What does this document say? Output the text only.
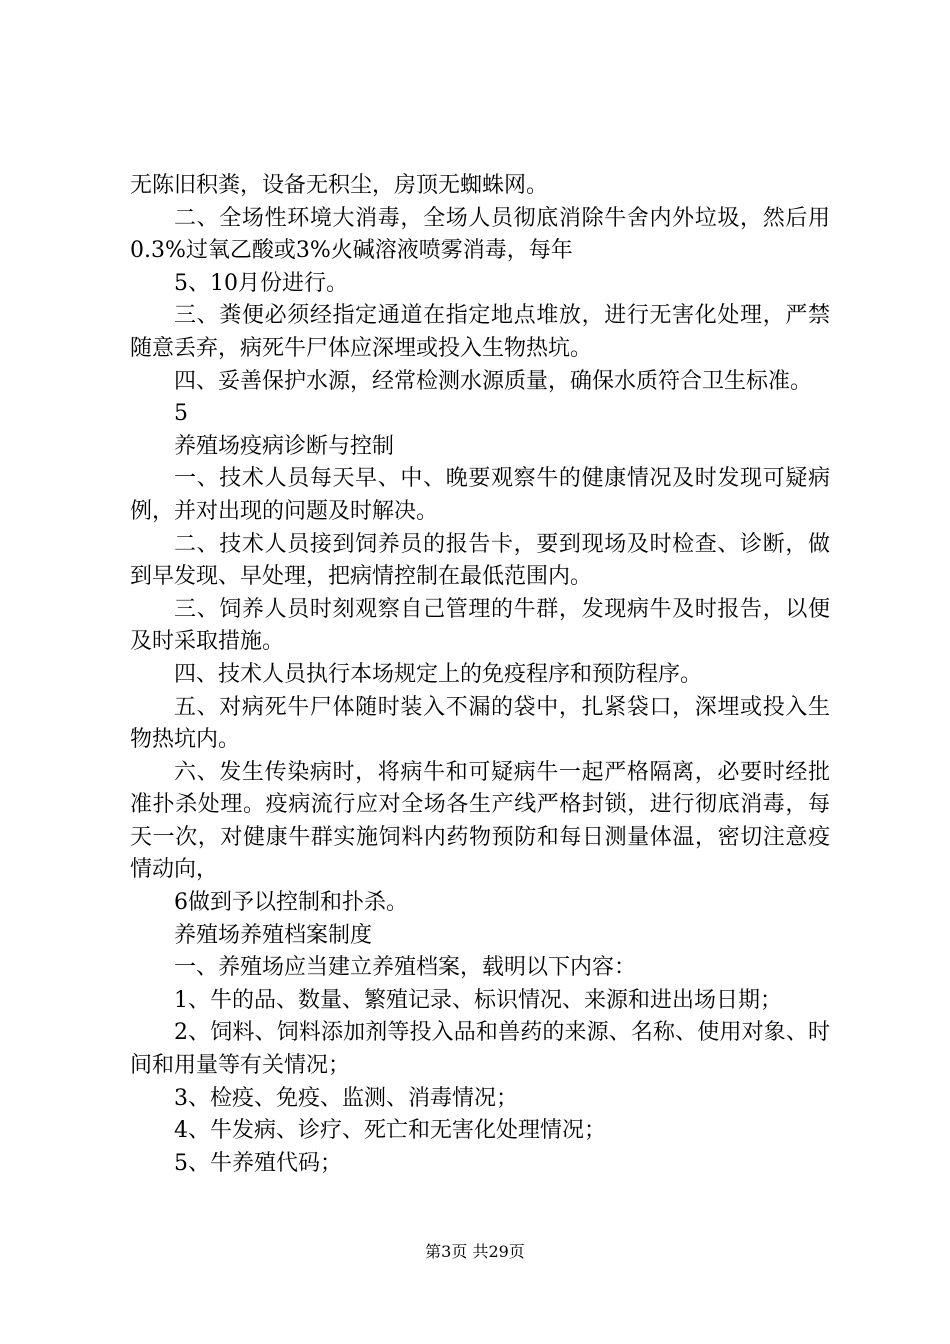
无陈旧积粪，设备无积尘，房顶无蜘蛛网。

二、全场性环境大消毒，全场人员彻底消除牛舍内外垃圾，然后用0.3%过氧乙酸或3%火碱溶液喷雾消毒，每年

5、10月份进行。

三、粪便必须经指定通道在指定地点堆放，进行无害化处理，严禁随意丢弃，病死牛尸体应深埋或投入生物热坑。

四、妥善保护水源，经常检测水源质量，确保水质符合卫生标准。

5

养殖场疫病诊断与控制

一、技术人员每天早、中、晚要观察牛的健康情况及时发现可疑病例，并对出现的问题及时解决。

二、技术人员接到饲养员的报告卡，要到现场及时检查、诊断，做到早发现、早处理，把病情控制在最低范围内。

三、饲养人员时刻观察自己管理的牛群，发现病牛及时报告，以便及时采取措施。

四、技术人员执行本场规定上的免疫程序和预防程序。

五、对病死牛尸体随时装入不漏的袋中，扎紧袋口，深埋或投入生物热坑内。

六、发生传染病时，将病牛和可疑病牛一起严格隔离，必要时经批准扑杀处理。疫病流行应对全场各生产线严格封锁，进行彻底消毒，每天一次，对健康牛群实施饲料内药物预防和每日测量体温，密切注意疫情动向，

6做到予以控制和扑杀。

养殖场养殖档案制度

一、养殖场应当建立养殖档案，载明以下内容：

1、牛的品、数量、繁殖记录、标识情况、来源和进出场日期；

2、饲料、饲料添加剂等投入品和兽药的来源、名称、使用对象、时间和用量等有关情况；

3、检疫、免疫、监测、消毒情况；

4、牛发病、诊疗、死亡和无害化处理情况；

5、牛养殖代码；

第3页 共29页
